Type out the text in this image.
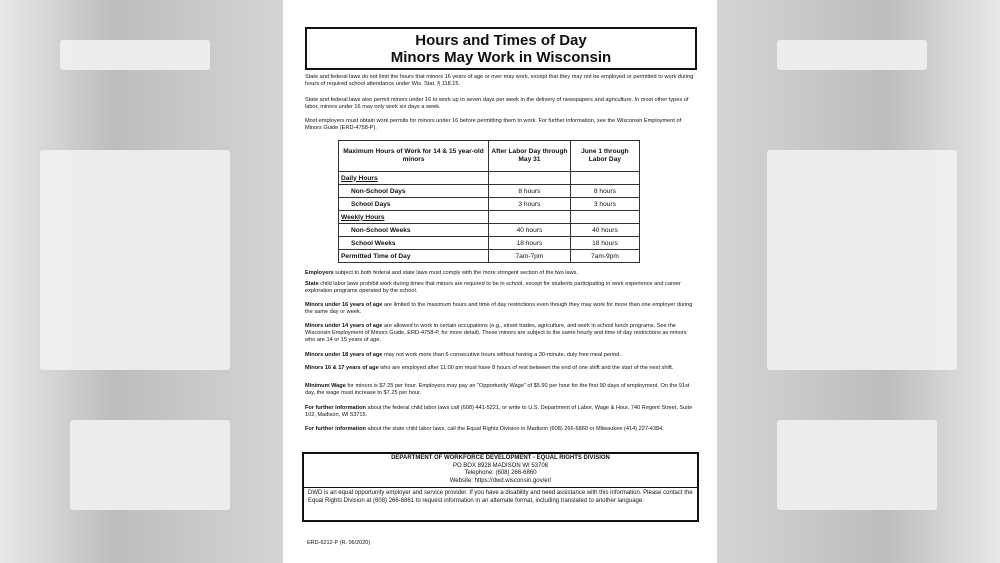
Hours and Times of Day
Minors May Work in Wisconsin
State and federal laws do not limit the hours that minors 16 years of age or over may work, except that they may not be employed or permitted to work during hours of required school attendance under Wis. Stat. § 118.15.
State and federal laws also permit minors under 16 to work up to seven days per week in the delivery of newspapers and agriculture. In most other types of labor, minors under 16 may only work six days a week.
Most employers must obtain work permits for minors under 16 before permitting them to work. For further information, see the Wisconsin Employment of Minors Guide (ERD-4758-P).
Maximum Hours of Work for 14 & 15 year-old minors	After Labor Day through May 31	June 1 through Labor Day
Daily Hours		
Non-School Days	8 hours	8 hours
School Days	3 hours	3 hours
Weekly Hours		
Non-School Weeks	40 hours	40 hours
School Weeks	18 hours	18 hours
Permitted Time of Day	7am-7pm	7am-9pm
Employers subject to both federal and state laws must comply with the more stringent section of the two laws.
State child labor laws prohibit work during times that minors are required to be in school, except for students participating in work experience and career exploration programs operated by the school.
Minors under 16 years of age are limited to the maximum hours and time of day restrictions even though they may work for more than one employer during the same day or week.
Minors under 14 years of age are allowed to work in certain occupations (e.g., street trades, agriculture, and work in school lunch programs. See the Wisconsin Employment of Minors Guide, ERD-4758-P, for more detail). These minors are subject to the same hourly and time of day restrictions as minors who are 14 or 15 years of age.
Minors under 18 years of age may not work more than 6 consecutive hours without having a 30-minute, duty free meal period.
Minors 16 & 17 years of age who are employed after 11:00 pm must have 8 hours of rest between the end of one shift and the start of the next shift.
Minimum Wage for minors is $7.25 per hour. Employers may pay an "Opportunity Wage" of $5.90 per hour for the first 90 days of employment. On the 91st day, the wage must increase to $7.25 per hour.
For further information about the federal child labor laws call (608) 441-5221, or write to U.S. Department of Labor, Wage & Hour, 740 Regent Street, Suite 102, Madison, WI 53715.
For further information about the state child labor laws, call the Equal Rights Division in Madison (608) 266-6860 or Milwaukee (414) 227-4384.
DEPARTMENT OF WORKFORCE DEVELOPMENT - EQUAL RIGHTS DIVISION
PO BOX 8928 MADISON WI 53708
Telephone: (608) 266-6860
Website: https://dwd.wisconsin.gov/er/
DWD is an equal opportunity employer and service provider. If you have a disability and need assistance with this information. Please contact the Equal Rights Division at (608) 266-6861 to request information in an alternate format, including translated to another language.
ERD-6212-P (R. 06/2020)
